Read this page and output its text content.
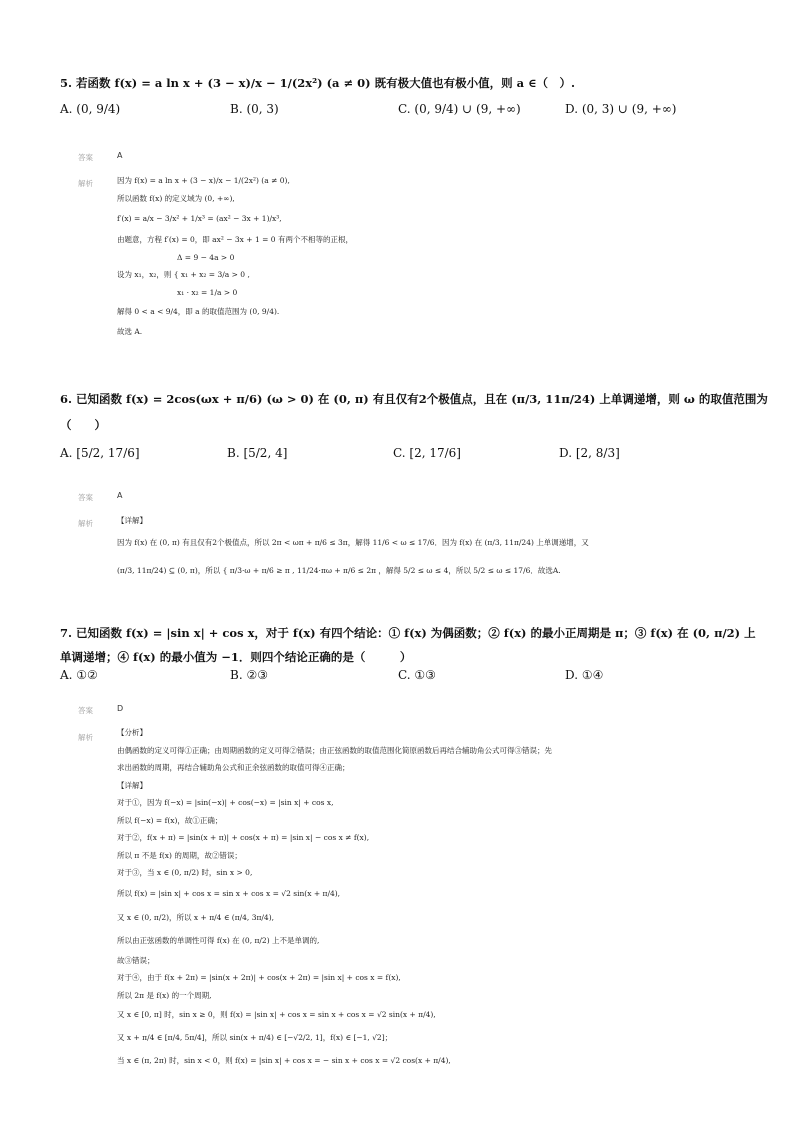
5. 若函数 f(x) = a ln x + (3 − x)/x − 1/(2x²) (a ≠ 0) 既有极大值也有极小值，则 a ∈（　）.
A. (0, 9/4)	B. (0, 3)	C. (0, 9/4) ∪ (9, +∞)	D. (0, 3) ∪ (9, +∞)
答案	A
解析	因为 f(x) = a ln x + (3 − x)/x − 1/(2x²) (a ≠ 0),
所以函数 f(x) 的定义域为 (0, +∞),
f′(x) = a/x − 3/x² + 1/x³ = (ax² − 3x + 1)/x³,
由题意，方程 f′(x) = 0，即 ax² − 3x + 1 = 0 有两个不相等的正根，
　　　　　　　　Δ = 9 − 4a > 0
设为 x₁，x₂，则 { x₁ + x₂ = 3/a > 0 ,
　　　　　　　　x₁ · x₂ = 1/a > 0
解得 0 < a < 9/4，即 a 的取值范围为 (0, 9/4).
故选 A.
6. 已知函数 f(x) = 2cos(ωx + π/6) (ω > 0) 在 (0, π) 有且仅有2个极值点，且在 (π/3, 11π/24) 上单调递增，则 ω 的取值范围为
（　　）
A. [5/2, 17/6]	B. [5/2, 4]	C. [2, 17/6]	D. [2, 8/3]
答案	A
解析	【详解】
因为 f(x) 在 (0, π) 有且仅有2个极值点，所以 2π < ωπ + π/6 ≤ 3π，解得 11/6 < ω ≤ 17/6．因为 f(x) 在 (π/3, 11π/24) 上单调递增，又
(π/3, 11π/24) ⊆ (0, π)，所以 { π/3·ω + π/6 ≥ π , 11/24·πω + π/6 ≤ 2π ，解得 5/2 ≤ ω ≤ 4，所以 5/2 ≤ ω ≤ 17/6．故选A.
7. 已知函数 f(x) = |sin x| + cos x，对于 f(x) 有四个结论：① f(x) 为偶函数；② f(x) 的最小正周期是 π；③ f(x) 在 (0, π/2) 上
单调递增；④ f(x) 的最小值为 −1．则四个结论正确的是（　　　）
A. ①②	B. ②③	C. ①③	D. ①④
答案	D
解析
【分析】
由偶函数的定义可得①正确；由周期函数的定义可得②错误；由正弦函数的取值范围化简原函数后再结合辅助角公式可得③错误；先
求出函数的周期，再结合辅助角公式和正余弦函数的取值可得④正确；
【详解】
对于①，因为 f(−x) = |sin(−x)| + cos(−x) = |sin x| + cos x,
所以 f(−x) = f(x)，故①正确；
对于②，f(x + π) = |sin(x + π)| + cos(x + π) = |sin x| − cos x ≠ f(x),
所以 π 不是 f(x) 的周期，故②错误；
对于③，当 x ∈ (0, π/2) 时，sin x > 0,
所以 f(x) = |sin x| + cos x = sin x + cos x = √2 sin(x + π/4),
又 x ∈ (0, π/2)，所以 x + π/4 ∈ (π/4, 3π/4),
所以由正弦函数的单调性可得 f(x) 在 (0, π/2) 上不是单调的,
故③错误；
对于④，由于 f(x + 2π) = |sin(x + 2π)| + cos(x + 2π) = |sin x| + cos x = f(x),
所以 2π 是 f(x) 的一个周期,
又 x ∈ [0, π] 时，sin x ≥ 0，则 f(x) = |sin x| + cos x = sin x + cos x = √2 sin(x + π/4),
又 x + π/4 ∈ [π/4, 5π/4]，所以 sin(x + π/4) ∈ [−√2/2, 1]，f(x) ∈ [−1, √2]；
当 x ∈ (π, 2π) 时，sin x < 0，则 f(x) = |sin x| + cos x = − sin x + cos x = √2 cos(x + π/4),
